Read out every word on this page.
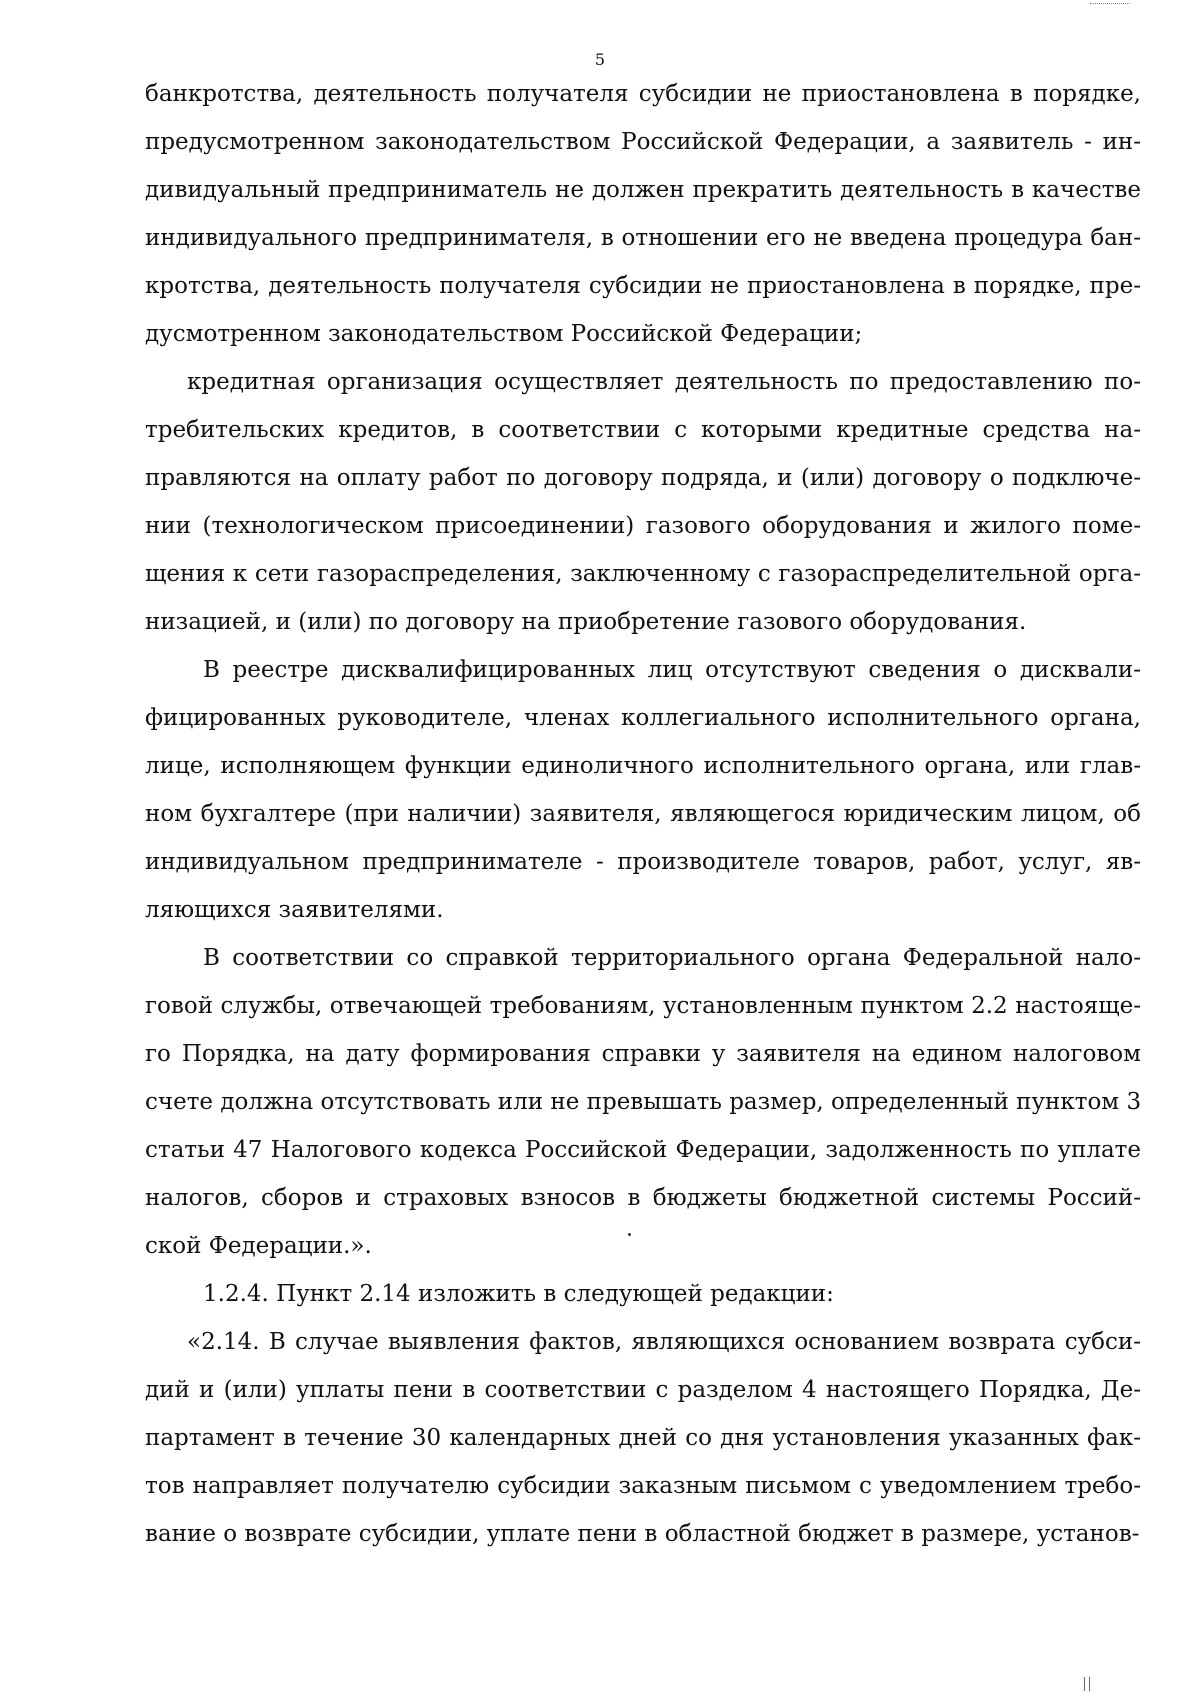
5
банкротства, деятельность получателя субсидии не приостановлена в порядке,
предусмотренном законодательством Российской Федерации, а заявитель - ин-
дивидуальный предприниматель не должен прекратить деятельность в качестве
индивидуального предпринимателя, в отношении его не введена процедура бан-
кротства, деятельность получателя субсидии не приостановлена в порядке, пре-
дусмотренном законодательством Российской Федерации;
кредитная организация осуществляет деятельность по предоставлению по-
требительских кредитов, в соответствии с которыми кредитные средства на-
правляются на оплату работ по договору подряда, и (или) договору о подключе-
нии (технологическом присоединении) газового оборудования и жилого поме-
щения к сети газораспределения, заключенному с газораспределительной орга-
низацией, и (или) по договору на приобретение газового оборудования.
В реестре дисквалифицированных лиц отсутствуют сведения о дисквали-
фицированных руководителе, членах коллегиального исполнительного органа,
лице, исполняющем функции единоличного исполнительного органа, или глав-
ном бухгалтере (при наличии) заявителя, являющегося юридическим лицом, об
индивидуальном предпринимателе - производителе товаров, работ, услуг, яв-
ляющихся заявителями.
В соответствии со справкой территориального органа Федеральной нало-
говой службы, отвечающей требованиям, установленным пунктом 2.2 настояще-
го Порядка, на дату формирования справки у заявителя на едином налоговом
счете должна отсутствовать или не превышать размер, определенный пунктом 3
статьи 47 Налогового кодекса Российской Федерации, задолженность по уплате
налогов, сборов и страховых взносов в бюджеты бюджетной системы Россий-
ской Федерации.».
1.2.4. Пункт 2.14 изложить в следующей редакции:
«2.14. В случае выявления фактов, являющихся основанием возврата субси-
дий и (или) уплаты пени в соответствии с разделом 4 настоящего Порядка, Де-
партамент в течение 30 календарных дней со дня установления указанных фак-
тов направляет получателю субсидии заказным письмом с уведомлением требо-
вание о возврате субсидии, уплате пени в областной бюджет в размере, установ-
